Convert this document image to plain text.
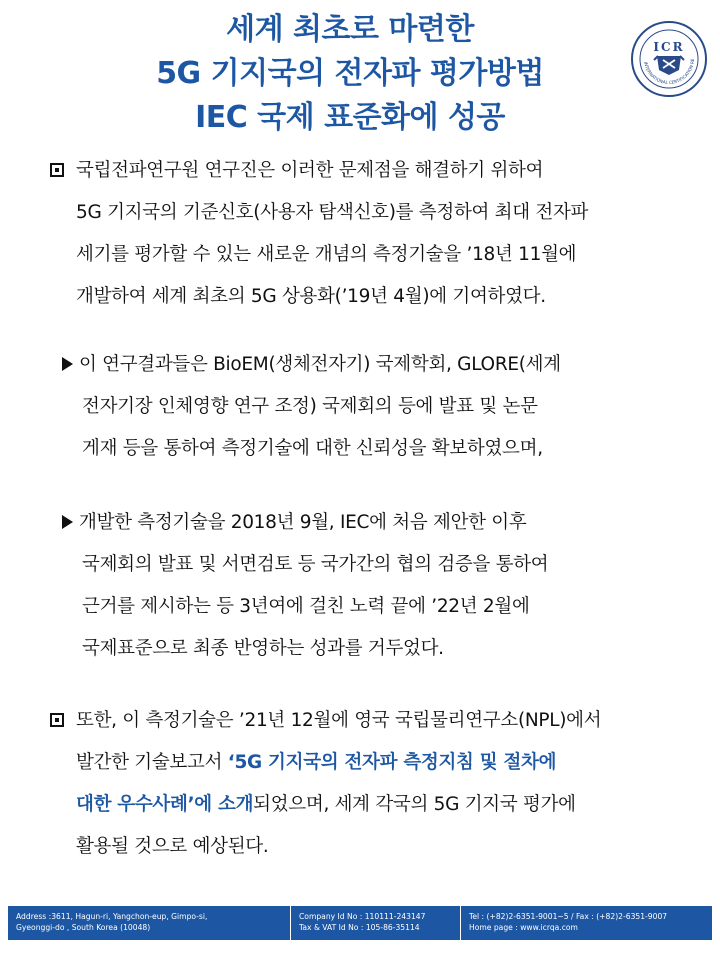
세계 최초로 마련한
5G 기지국의 전자파 평가방법
IEC 국제 표준화에 성공
INTERNATIONAL CERTIFICATION RE
ICR
국립전파연구원 연구진은 이러한 문제점을 해결하기 위하여
5G 기지국의 기준신호(사용자 탐색신호)를 측정하여 최대 전자파
세기를 평가할 수 있는 새로운 개념의 측정기술을 ’18년 11월에
개발하여 세계 최초의 5G 상용화(’19년 4월)에 기여하였다.
이 연구결과들은 BioEM(생체전자기) 국제학회, GLORE(세계
전자기장 인체영향 연구 조정) 국제회의 등에 발표 및 논문
게재 등을 통하여 측정기술에 대한 신뢰성을 확보하였으며,
개발한 측정기술을 2018년 9월, IEC에 처음 제안한 이후
국제회의 발표 및 서면검토 등 국가간의 협의 검증을 통하여
근거를 제시하는 등 3년여에 걸친 노력 끝에 ’22년 2월에
국제표준으로 최종 반영하는 성과를 거두었다.
또한, 이 측정기술은 ’21년 12월에 영국 국립물리연구소(NPL)에서
발간한 기술보고서 ‘5G 기지국의 전자파 측정지침 및 절차에
대한 우수사례’에 소개되었으며, 세계 각국의 5G 기지국 평가에
활용될 것으로 예상된다.
Address :3611, Hagun-ri, Yangchon-eup, Gimpo-si,
Gyeonggi-do , South Korea (10048)
Company Id No : 110111-243147
Tax & VAT Id No : 105-86-35114
Tel : (+82)2-6351-9001~5 / Fax : (+82)2-6351-9007
Home page : www.icrqa.com
